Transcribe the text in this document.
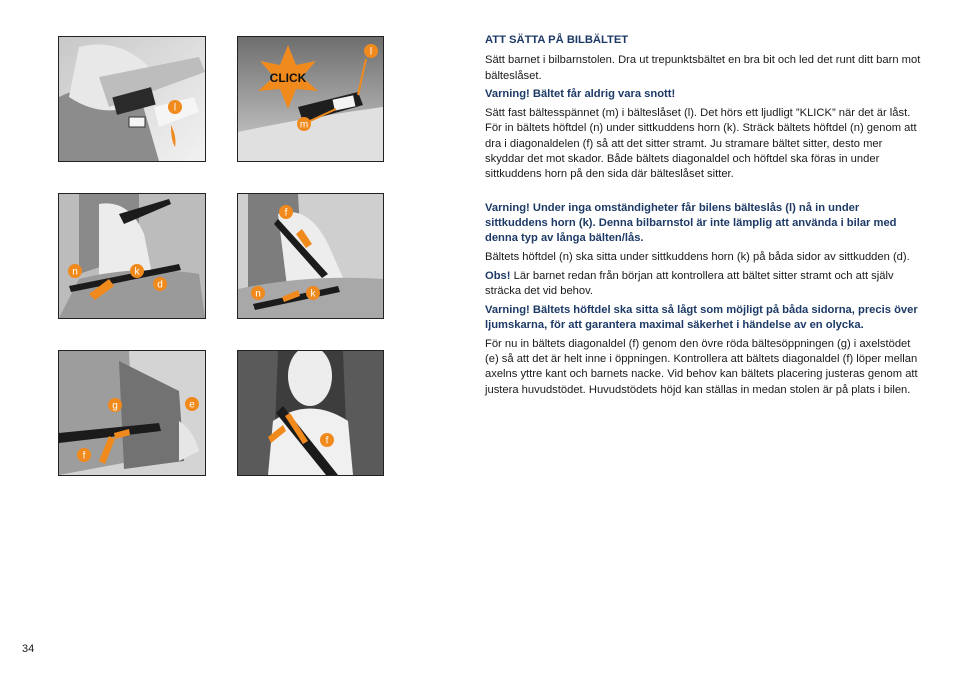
l
CLICK
l
m
n	k
d
f
n	k
g	e
f
f

ATT SÄTTA PÅ BILBÄLTET

Sätt barnet i bilbarnstolen. Dra ut trepunktsbältet en bra bit och led det runt ditt barn mot bälteslåset.

Varning! Bältet får aldrig vara snott!

Sätt fast bältesspännet (m) i bälteslåset (l). Det hörs ett ljudligt ”KLICK” när det är låst. För in bältets höftdel (n) under sittkuddens horn (k). Sträck bältets höftdel (n) genom att dra i diagonaldelen (f) så att det sitter stramt. Ju stramare bältet sitter, desto mer skyddar det mot skador. Både bältets diagonaldel och höftdel ska föras in under sittkuddens horn på den sida där bälteslåset sitter.

Varning! Under inga omständigheter får bilens bälteslås (l) nå in under sittkuddens horn (k). Denna bilbarnstol är inte lämplig att använda i bilar med denna typ av långa bälten/lås.

Bältets höftdel (n) ska sitta under sittkuddens horn (k) på båda sidor av sittkudden (d).

Obs! Lär barnet redan från början att kontrollera att bältet sitter stramt och att själv sträcka det vid behov.

Varning! Bältets höftdel ska sitta så lågt som möjligt på båda sidorna, precis över ljumskarna, för att garantera maximal säkerhet i händelse av en olycka.

För nu in bältets diagonaldel (f) genom den övre röda bältesöppningen (g) i axelstödet (e) så att det är helt inne i öppningen. Kontrollera att bältets diagonaldel (f) löper mellan axelns yttre kant och barnets nacke. Vid behov kan bältets placering justeras genom att justera huvudstödet. Huvudstödets höjd kan ställas in medan stolen är på plats i bilen.

34
